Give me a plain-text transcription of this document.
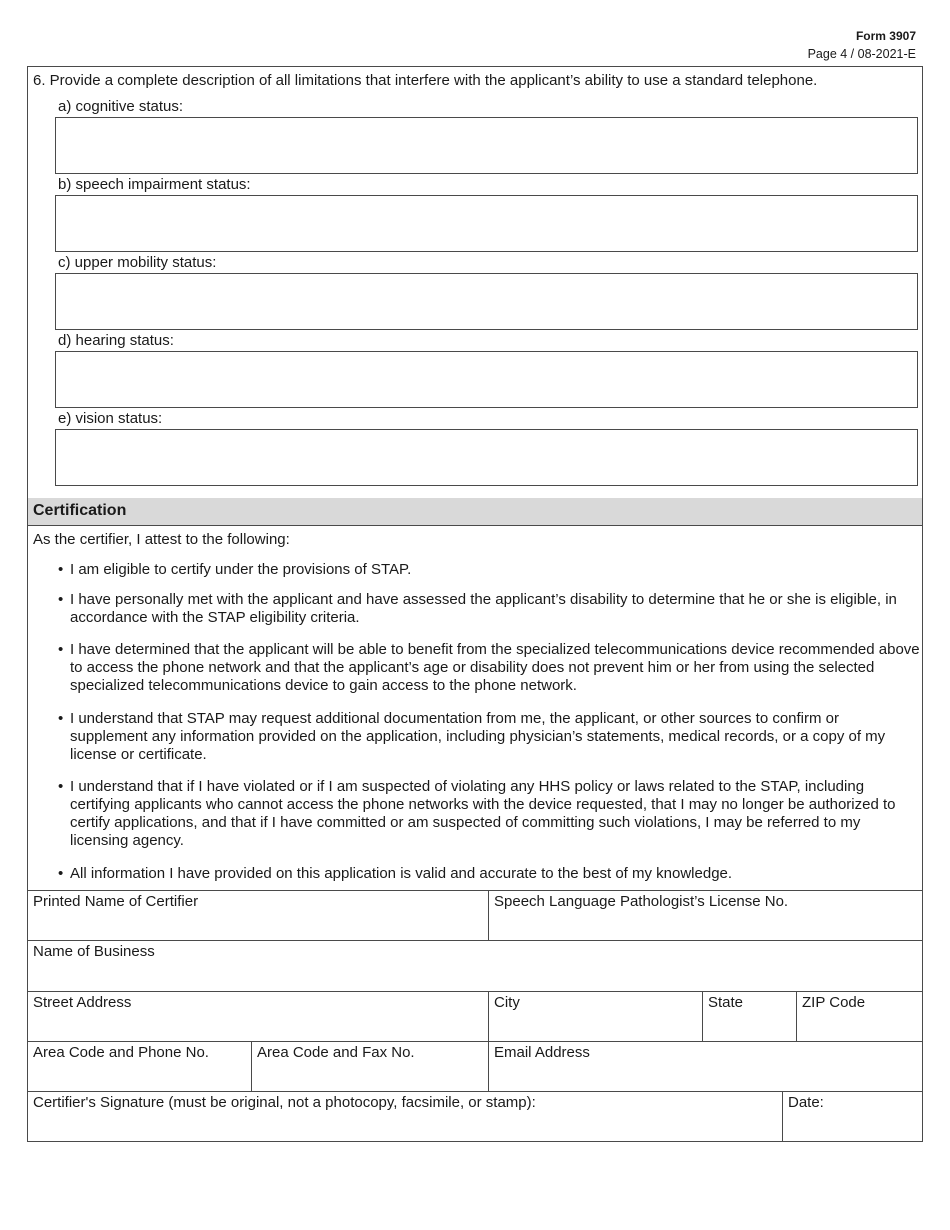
Form 3907
Page 4 / 08-2021-E
6. Provide a complete description of all limitations that interfere with the applicant’s ability to use a standard telephone.
a) cognitive status:
b) speech impairment status:
c) upper mobility status:
d) hearing status:
e) vision status:
Certification
As the certifier, I attest to the following:
• I am eligible to certify under the provisions of STAP.
• I have personally met with the applicant and have assessed the applicant’s disability to determine that he or she is eligible, in accordance with the STAP eligibility criteria.
• I have determined that the applicant will be able to benefit from the specialized telecommunications device recommended above to access the phone network and that the applicant’s age or disability does not prevent him or her from using the selected specialized telecommunications device to gain access to the phone network.
• I understand that STAP may request additional documentation from me, the applicant, or other sources to confirm or supplement any information provided on the application, including physician’s statements, medical records, or a copy of my license or certificate.
• I understand that if I have violated or if I am suspected of violating any HHS policy or laws related to the STAP, including certifying applicants who cannot access the phone networks with the device requested, that I may no longer be authorized to certify applications, and that if I have committed or am suspected of committing such violations, I may be referred to my licensing agency.
• All information I have provided on this application is valid and accurate to the best of my knowledge.
Printed Name of Certifier	Speech Language Pathologist’s License No.
Name of Business
Street Address	City	State	ZIP Code
Area Code and Phone No.	Area Code and Fax No.	Email Address
Certifier's Signature (must be original, not a photocopy, facsimile, or stamp):	Date:
